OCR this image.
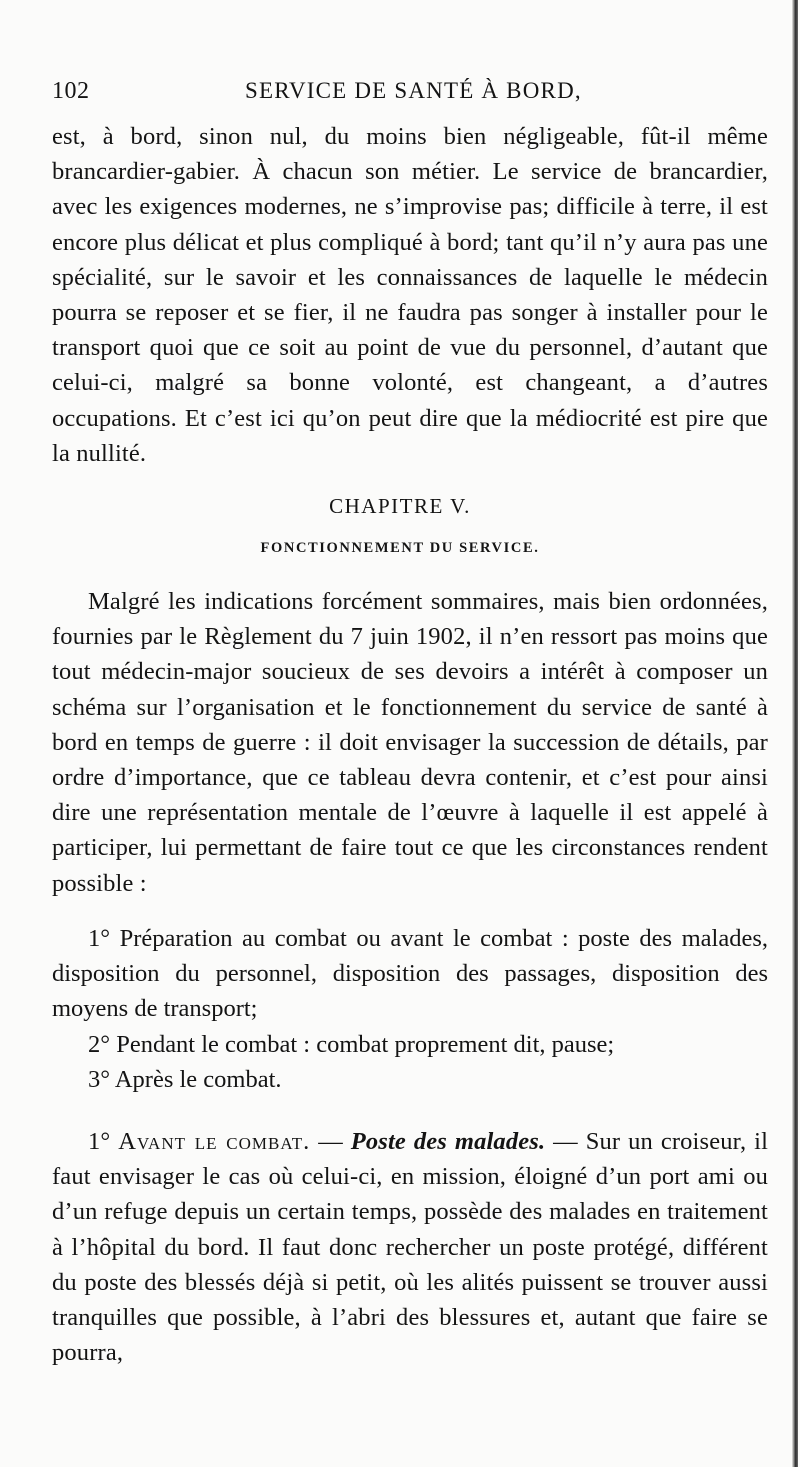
102	SERVICE DE SANTÉ À BORD,

est, à bord, sinon nul, du moins bien négligeable, fût-il même brancardier-gabier. À chacun son métier. Le service de brancardier, avec les exigences modernes, ne s’improvise pas; difficile à terre, il est encore plus délicat et plus compliqué à bord; tant qu’il n’y aura pas une spécialité, sur le savoir et les connaissances de laquelle le médecin pourra se reposer et se fier, il ne faudra pas songer à installer pour le transport quoi que ce soit au point de vue du personnel, d’autant que celui-ci, malgré sa bonne volonté, est changeant, a d’autres occupations. Et c’est ici qu’on peut dire que la médiocrité est pire que la nullité.

CHAPITRE V.
FONCTIONNEMENT DU SERVICE.

Malgré les indications forcément sommaires, mais bien ordonnées, fournies par le Règlement du 7 juin 1902, il n’en ressort pas moins que tout médecin-major soucieux de ses devoirs a intérêt à composer un schéma sur l’organisation et le fonctionnement du service de santé à bord en temps de guerre : il doit envisager la succession de détails, par ordre d’importance, que ce tableau devra contenir, et c’est pour ainsi dire une représentation mentale de l’œuvre à laquelle il est appelé à participer, lui permettant de faire tout ce que les circonstances rendent possible :

1° Préparation au combat ou avant le combat : poste des malades, disposition du personnel, disposition des passages, disposition des moyens de transport;

2° Pendant le combat : combat proprement dit, pause;

3° Après le combat.

1° Avant le combat. — Poste des malades. — Sur un croiseur, il faut envisager le cas où celui-ci, en mission, éloigné d’un port ami ou d’un refuge depuis un certain temps, possède des malades en traitement à l’hôpital du bord. Il faut donc rechercher un poste protégé, différent du poste des blessés déjà si petit, où les alités puissent se trouver aussi tranquilles que possible, à l’abri des blessures et, autant que faire se pourra,
